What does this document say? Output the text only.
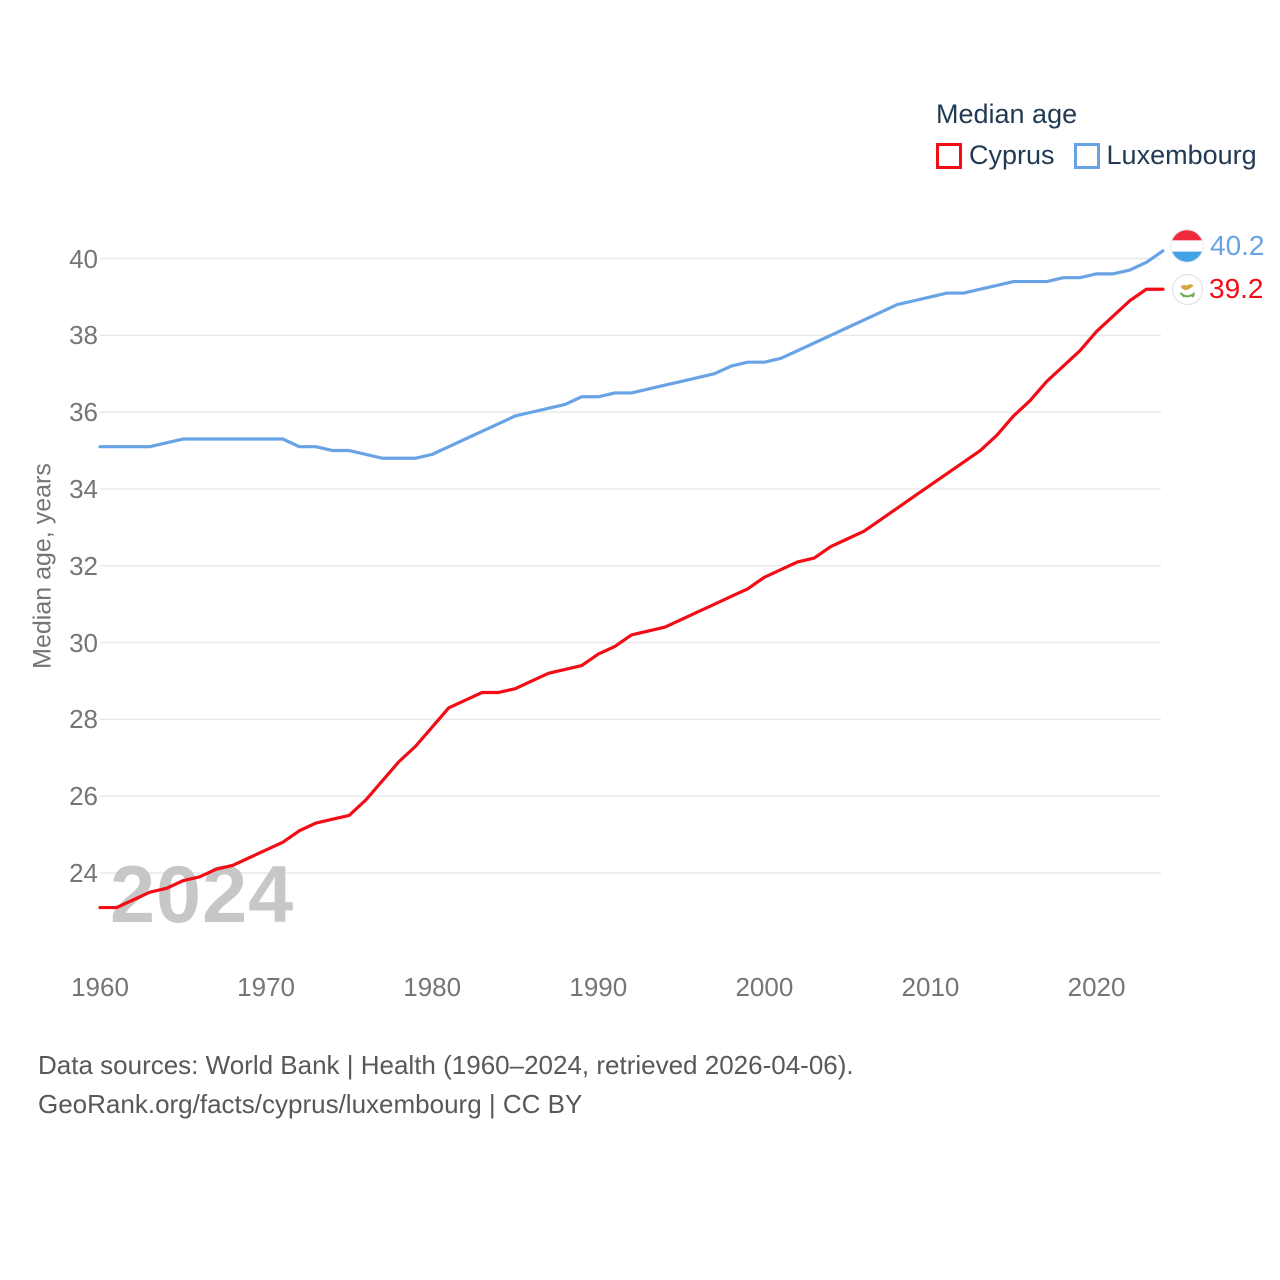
2024
Median age, years
24
26
28
30
32
34
36
38
40
1960	1970	1980	1990	2000	2010	2020
Median age
Cyprus Luxembourg
40.2
39.2
Data sources: World Bank | Health (1960–2024, retrieved 2026-04-06).
GeoRank.org/facts/cyprus/luxembourg | CC BY
